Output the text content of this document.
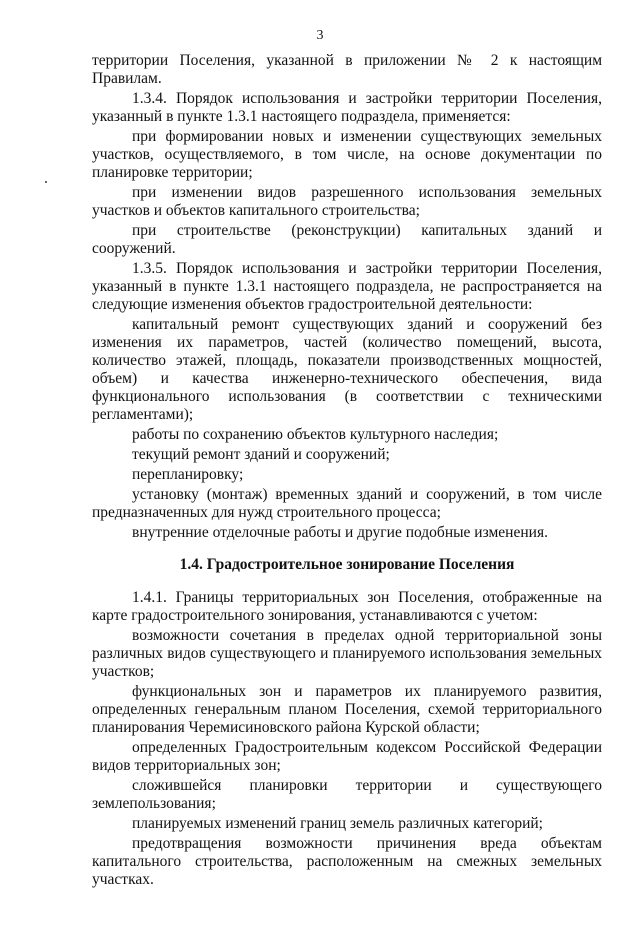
3

территории Поселения, указанной в приложении № 2 к настоящим Правилам.

1.3.4. Порядок использования и застройки территории Поселения, указанный в пункте 1.3.1 настоящего подраздела, применяется:

при формировании новых и изменении существующих земельных участков, осуществляемого, в том числе, на основе документации по планировке территории;

при изменении видов разрешенного использования земельных участков и объектов капитального строительства;

при строительстве (реконструкции) капитальных зданий и сооружений.

1.3.5. Порядок использования и застройки территории Поселения, указанный в пункте 1.3.1 настоящего подраздела, не распространяется на следующие изменения объектов градостроительной деятельности:

капитальный ремонт существующих зданий и сооружений без изменения их параметров, частей (количество помещений, высота, количество этажей, площадь, показатели производственных мощностей, объем) и качества инженерно-технического обеспечения, вида функционального использования (в соответствии с техническими регламентами);

работы по сохранению объектов культурного наследия;

текущий ремонт зданий и сооружений;

перепланировку;

установку (монтаж) временных зданий и сооружений, в том числе предназначенных для нужд строительного процесса;

внутренние отделочные работы и другие подобные изменения.

1.4. Градостроительное зонирование Поселения

1.4.1. Границы территориальных зон Поселения, отображенные на карте градостроительного зонирования, устанавливаются с учетом:

возможности сочетания в пределах одной территориальной зоны различных видов существующего и планируемого использования земельных участков;

функциональных зон и параметров их планируемого развития, определенных генеральным планом Поселения, схемой территориального планирования Черемисиновского района Курской области;

определенных Градостроительным кодексом Российской Федерации видов территориальных зон;

сложившейся планировки территории и существующего землепользования;

планируемых изменений границ земель различных категорий;

предотвращения возможности причинения вреда объектам капитального строительства, расположенным на смежных земельных участках.
